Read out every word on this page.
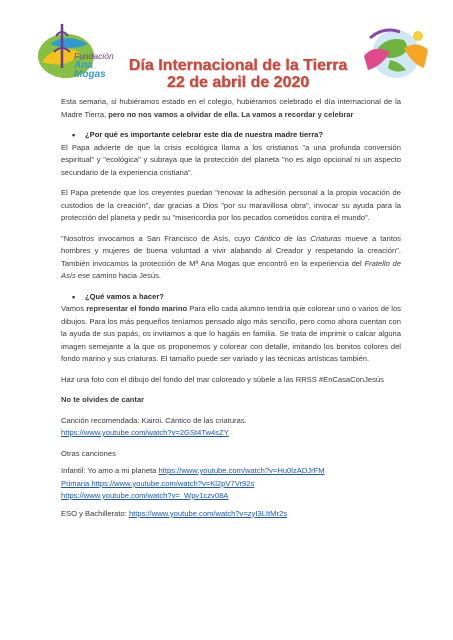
Fundación
Ana Mogas
Día Internacional de la Tierra
22 de abril de 2020

Esta semana, si hubiéramos estado en el colegio, hubiéramos celebrado el día internacional de la Madre Tierra, pero no nos vamos a olvidar de ella. La vamos a recordar y celebrar

• ¿Por qué es importante celebrar este día de nuestra madre tierra?

El Papa advierte de que la crisis ecológica llama a los cristianos "a una profunda conversión espiritual" y "ecológica" y subraya que la protección del planeta "no es algo opcional ni un aspecto secundario de la experiencia cristiana".

El Papa pretende que los creyentes puedan "renovar la adhesión personal a la propia vocación de custodios de la creación", dar gracias a Dios "por su maravillosa obra", invocar su ayuda para la protección del planeta y pedir su "misericordia por los pecados cometidos contra el mundo".

"Nosotros invocamos a San Francisco de Asís, cuyo Cántico de las Criaturas mueve a tantos hombres y mujeres de buena voluntad a vivir alabando al Creador y respetando la creación". También invocamos la protección de Mª Ana Mogas que encontró en la experiencia del Fratello de Asís ese camino hacia Jesús.

• ¿Qué vamos a hacer?

Vamos representar el fondo marino Para ello cada alumno tendría que colorear uno o varios de los dibujos. Para los más pequeños teníamos pensado algo más sencillo, pero como ahora cuentan con la ayuda de sus papás, os invitamos a que lo hagáis en familia. Se trata de imprimir o calcar alguna imagen semejante a la que os proponemos y colorear con detalle, imitando los bonitos colores del fondo marino y sus criaturas. El tamaño puede ser variado y las técnicas artísticas también.

Haz una foto con el dibujo del fondo del mar coloreado y súbele a las RRSS #EnCasaConJesús

No te olvides de cantar

Canción recomendada: Kairoi. Cántico de las criaturas.

https://www.youtube.com/watch?v=2GSt4Tw4sZY

Otras canciones

Infantil: Yo amo a mi planeta https://www.youtube.com/watch?v=Hu0lzADJrFM

Primaria https://www.youtube.com/watch?v=Kl2pV7Vr92s

https://www.youtube.com/watch?v=_Wpv1czv08A

ESO y Bachillerato: https://www.youtube.com/watch?v=zyI3LItMr2s
